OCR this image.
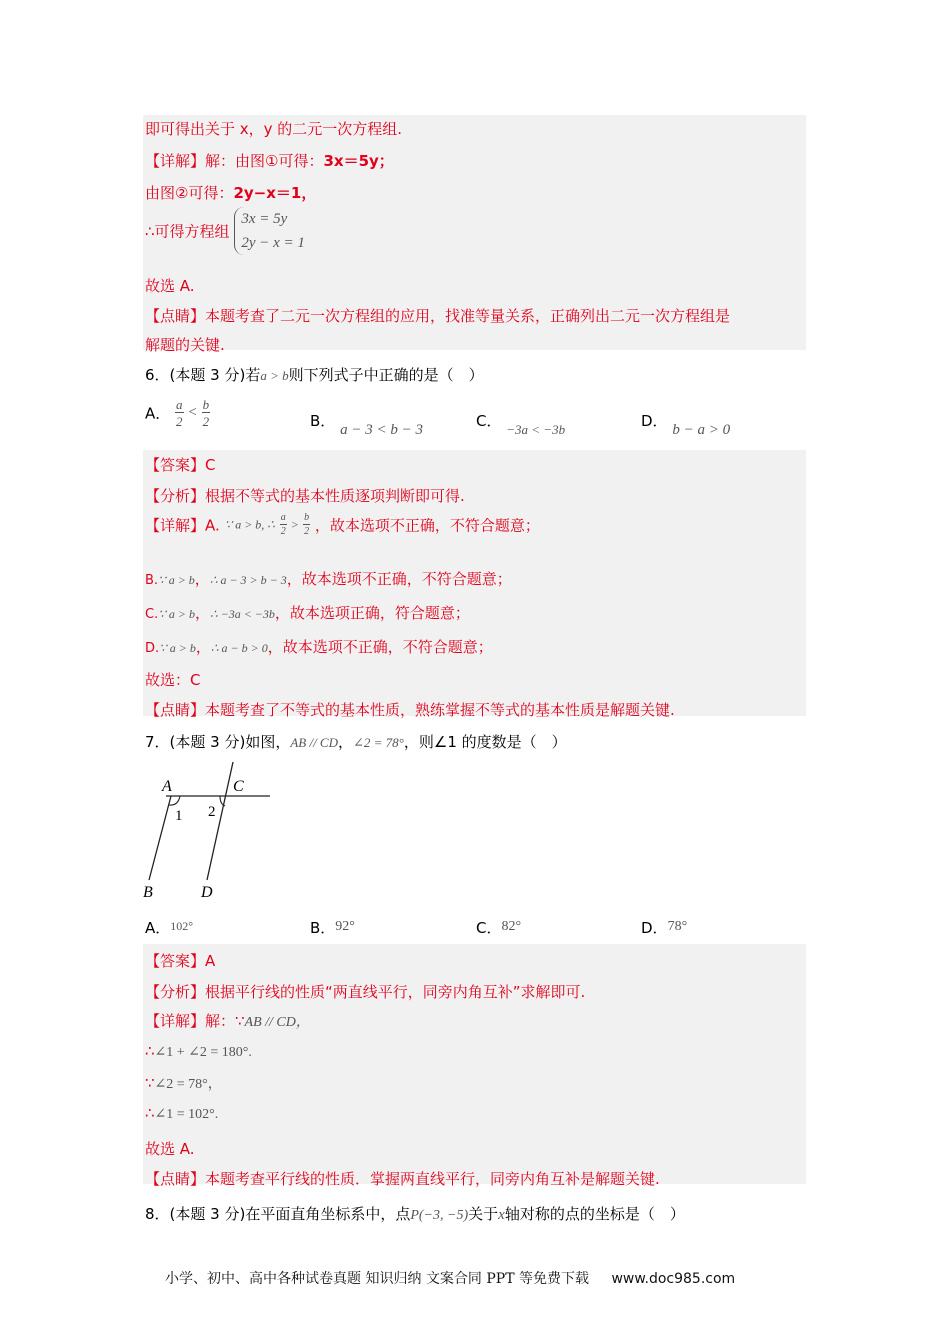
即可得出关于 x，y 的二元一次方程组.
【详解】解：由图①可得：3x＝5y；
由图②可得：2y−x＝1，
∴可得方程组
3x = 5y
2y − x = 1
故选 A.
【点睛】本题考查了二元一次方程组的应用，找准等量关系，正确列出二元一次方程组是
解题的关键.
6．(本题 3 分)若a > b则下列式子中正确的是（　）
A． $\frac{a}{2} < \frac{b}{2}$	B． a − 3 < b − 3	C． −3a < −3b	D． b − a > 0
【答案】C
【分析】根据不等式的基本性质逐项判断即可得.
【详解】A. ∵ a > b, ∴ $\frac{a}{2} > \frac{b}{2}$ ，故本选项不正确，不符合题意；
B.∵ a > b，∴ a − 3 > b − 3，故本选项不正确，不符合题意；
C.∵ a > b，∴ −3a < −3b，故本选项正确，符合题意；
D.∵ a > b，∴ a − b > 0，故本选项不正确，不符合题意；
故选：C
【点睛】本题考查了不等式的基本性质，熟练掌握不等式的基本性质是解题关键.
7．(本题 3 分)如图，AB // CD，∠2 = 78°，则∠1 的度数是（　）
A	C
1 2
B	D
A．102°	B．92°	C．82°	D．78°
【答案】A
【分析】根据平行线的性质“两直线平行，同旁内角互补”求解即可.
【详解】解：∵AB // CD，
∴∠1 + ∠2 = 180°.
∵∠2 = 78°，
∴∠1 = 102°.
故选 A.
【点睛】本题考查平行线的性质．掌握两直线平行，同旁内角互补是解题关键.
8．(本题 3 分)在平面直角坐标系中，点P(−3, −5)关于x轴对称的点的坐标是（　）
小学、初中、高中各种试卷真题 知识归纳 文案合同 PPT 等免费下载 www.doc985.com
